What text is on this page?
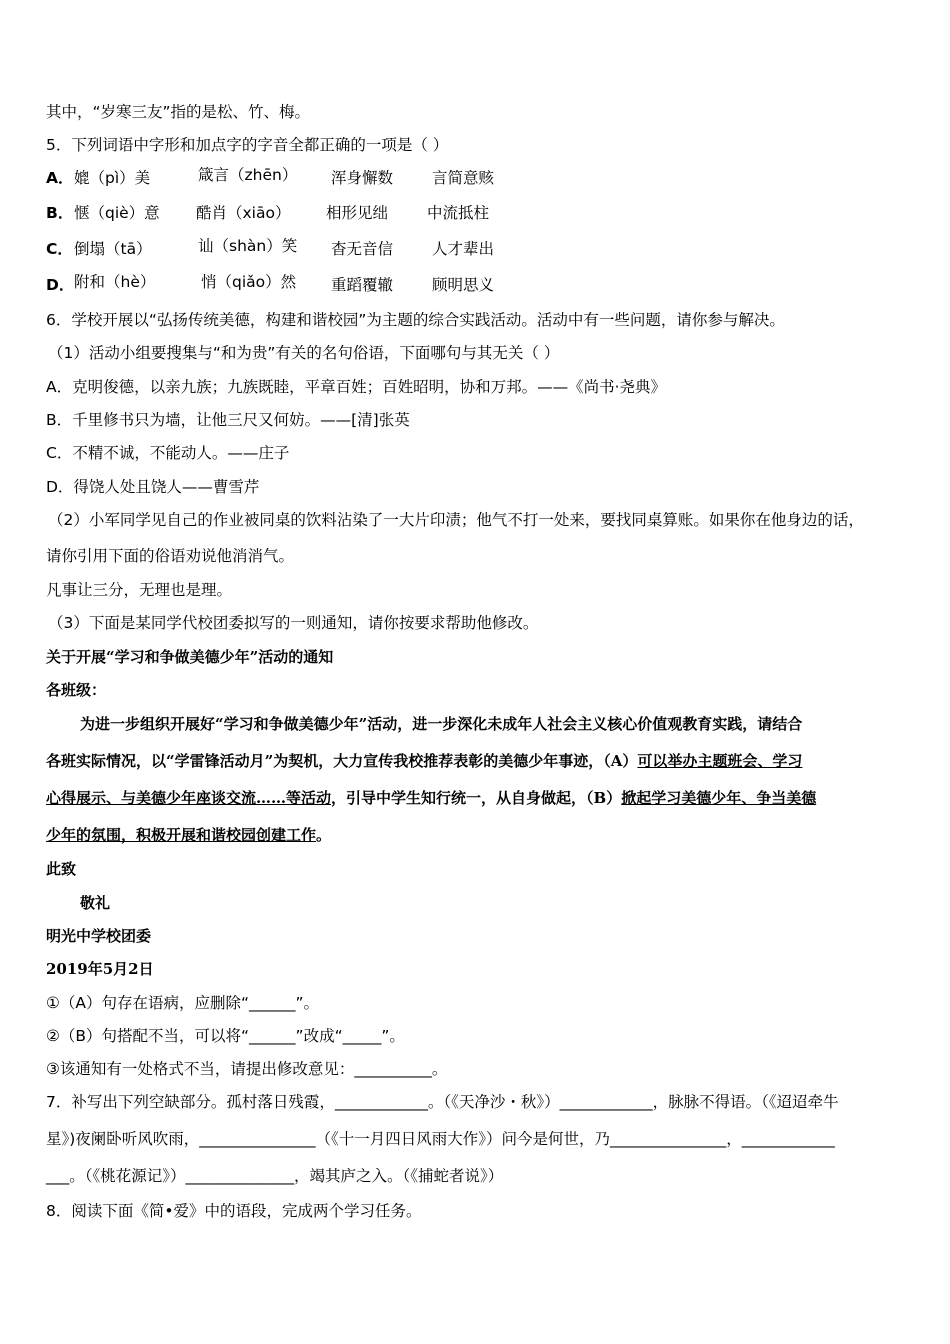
其中，“岁寒三友”指的是松、竹、梅。
5．下列词语中字形和加点字的字音全都正确的一项是（ ）
A． 媲（pì）美	箴言（zhēn） 浑身懈数	言简意赅
B． 惬（qiè）意 酷肖（xiāo） 相形见绌	中流抵柱
C． 倒塌（tā）	讪（shàn）笑 杳无音信	人才辈出
D． 附和（hè）	悄（qiǎo）然 重蹈覆辙	顾明思义
6．学校开展以“弘扬传统美德，构建和谐校园”为主题的综合实践活动。活动中有一些问题，请你参与解决。
（1）活动小组要搜集与“和为贵”有关的名句俗语，下面哪句与其无关（ ）
A．克明俊德，以亲九族；九族既睦，平章百姓；百姓昭明，协和万邦。——《尚书·尧典》
B．千里修书只为墙，让他三尺又何妨。——[清]张英
C．不精不诚，不能动人。——庄子
D．得饶人处且饶人——曹雪芹
（2）小军同学见自己的作业被同桌的饮料沾染了一大片印渍；他气不打一处来，要找同桌算账。如果你在他身边的话，
请你引用下面的俗语劝说他消消气。
凡事让三分，无理也是理。
（3）下面是某同学代校团委拟写的一则通知，请你按要求帮助他修改。
关于开展“学习和争做美德少年”活动的通知
各班级：
为进一步组织开展好“学习和争做美德少年”活动，进一步深化未成年人社会主义核心价值观教育实践，请结合
各班实际情况，以“学雷锋活动月”为契机，大力宣传我校推荐表彰的美德少年事迹，（A）可以举办主题班会、学习
心得展示、与美德少年座谈交流……等活动，引导中学生知行统一，从自身做起，（B）掀起学习美德少年、争当美德
少年的氛围，积极开展和谐校园创建工作。
此致
敬礼
明光中学校团委
2019年5月2日
①（A）句存在语病，应删除“______”。
②（B）句搭配不当，可以将“______”改成“_____”。
③该通知有一处格式不当，请提出修改意见：__________。
7．补写出下列空缺部分。孤村落日残霞，____________。（《天净沙・秋》）____________，脉脉不得语。（《迢迢牵牛
星》)夜阑卧听风吹雨，_______________（《十一月四日风雨大作》）问今是何世，乃_______________，____________
___。（《桃花源记》）______________，竭其庐之入。（《捕蛇者说》）
8．阅读下面《简•爱》中的语段，完成两个学习任务。
